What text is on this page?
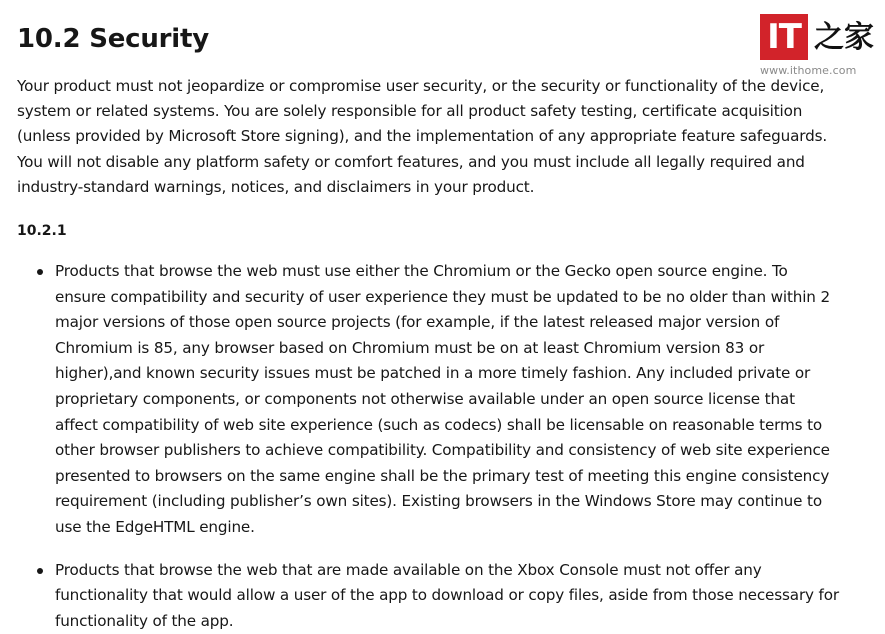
10.2 Security

Your product must not jeopardize or compromise user security, or the security or functionality of the device, system or related systems. You are solely responsible for all product safety testing, certificate acquisition (unless provided by Microsoft Store signing), and the implementation of any appropriate feature safeguards. You will not disable any platform safety or comfort features, and you must include all legally required and industry-standard warnings, notices, and disclaimers in your product.

10.2.1
Products that browse the web must use either the Chromium or the Gecko open source engine. To ensure compatibility and security of user experience they must be updated to be no older than within 2 major versions of those open source projects (for example, if the latest released major version of Chromium is 85, any browser based on Chromium must be on at least Chromium version 83 or higher),and known security issues must be patched in a more timely fashion. Any included private or proprietary components, or components not otherwise available under an open source license that affect compatibility of web site experience (such as codecs) shall be licensable on reasonable terms to other browser publishers to achieve compatibility. Compatibility and consistency of web site experience presented to browsers on the same engine shall be the primary test of meeting this engine consistency requirement (including publisher’s own sites). Existing browsers in the Windows Store may continue to use the EdgeHTML engine.
Products that browse the web that are made available on the Xbox Console must not offer any functionality that would allow a user of the app to download or copy files, aside from those necessary for functionality of the app.
IT 之家
www.ithome.com
